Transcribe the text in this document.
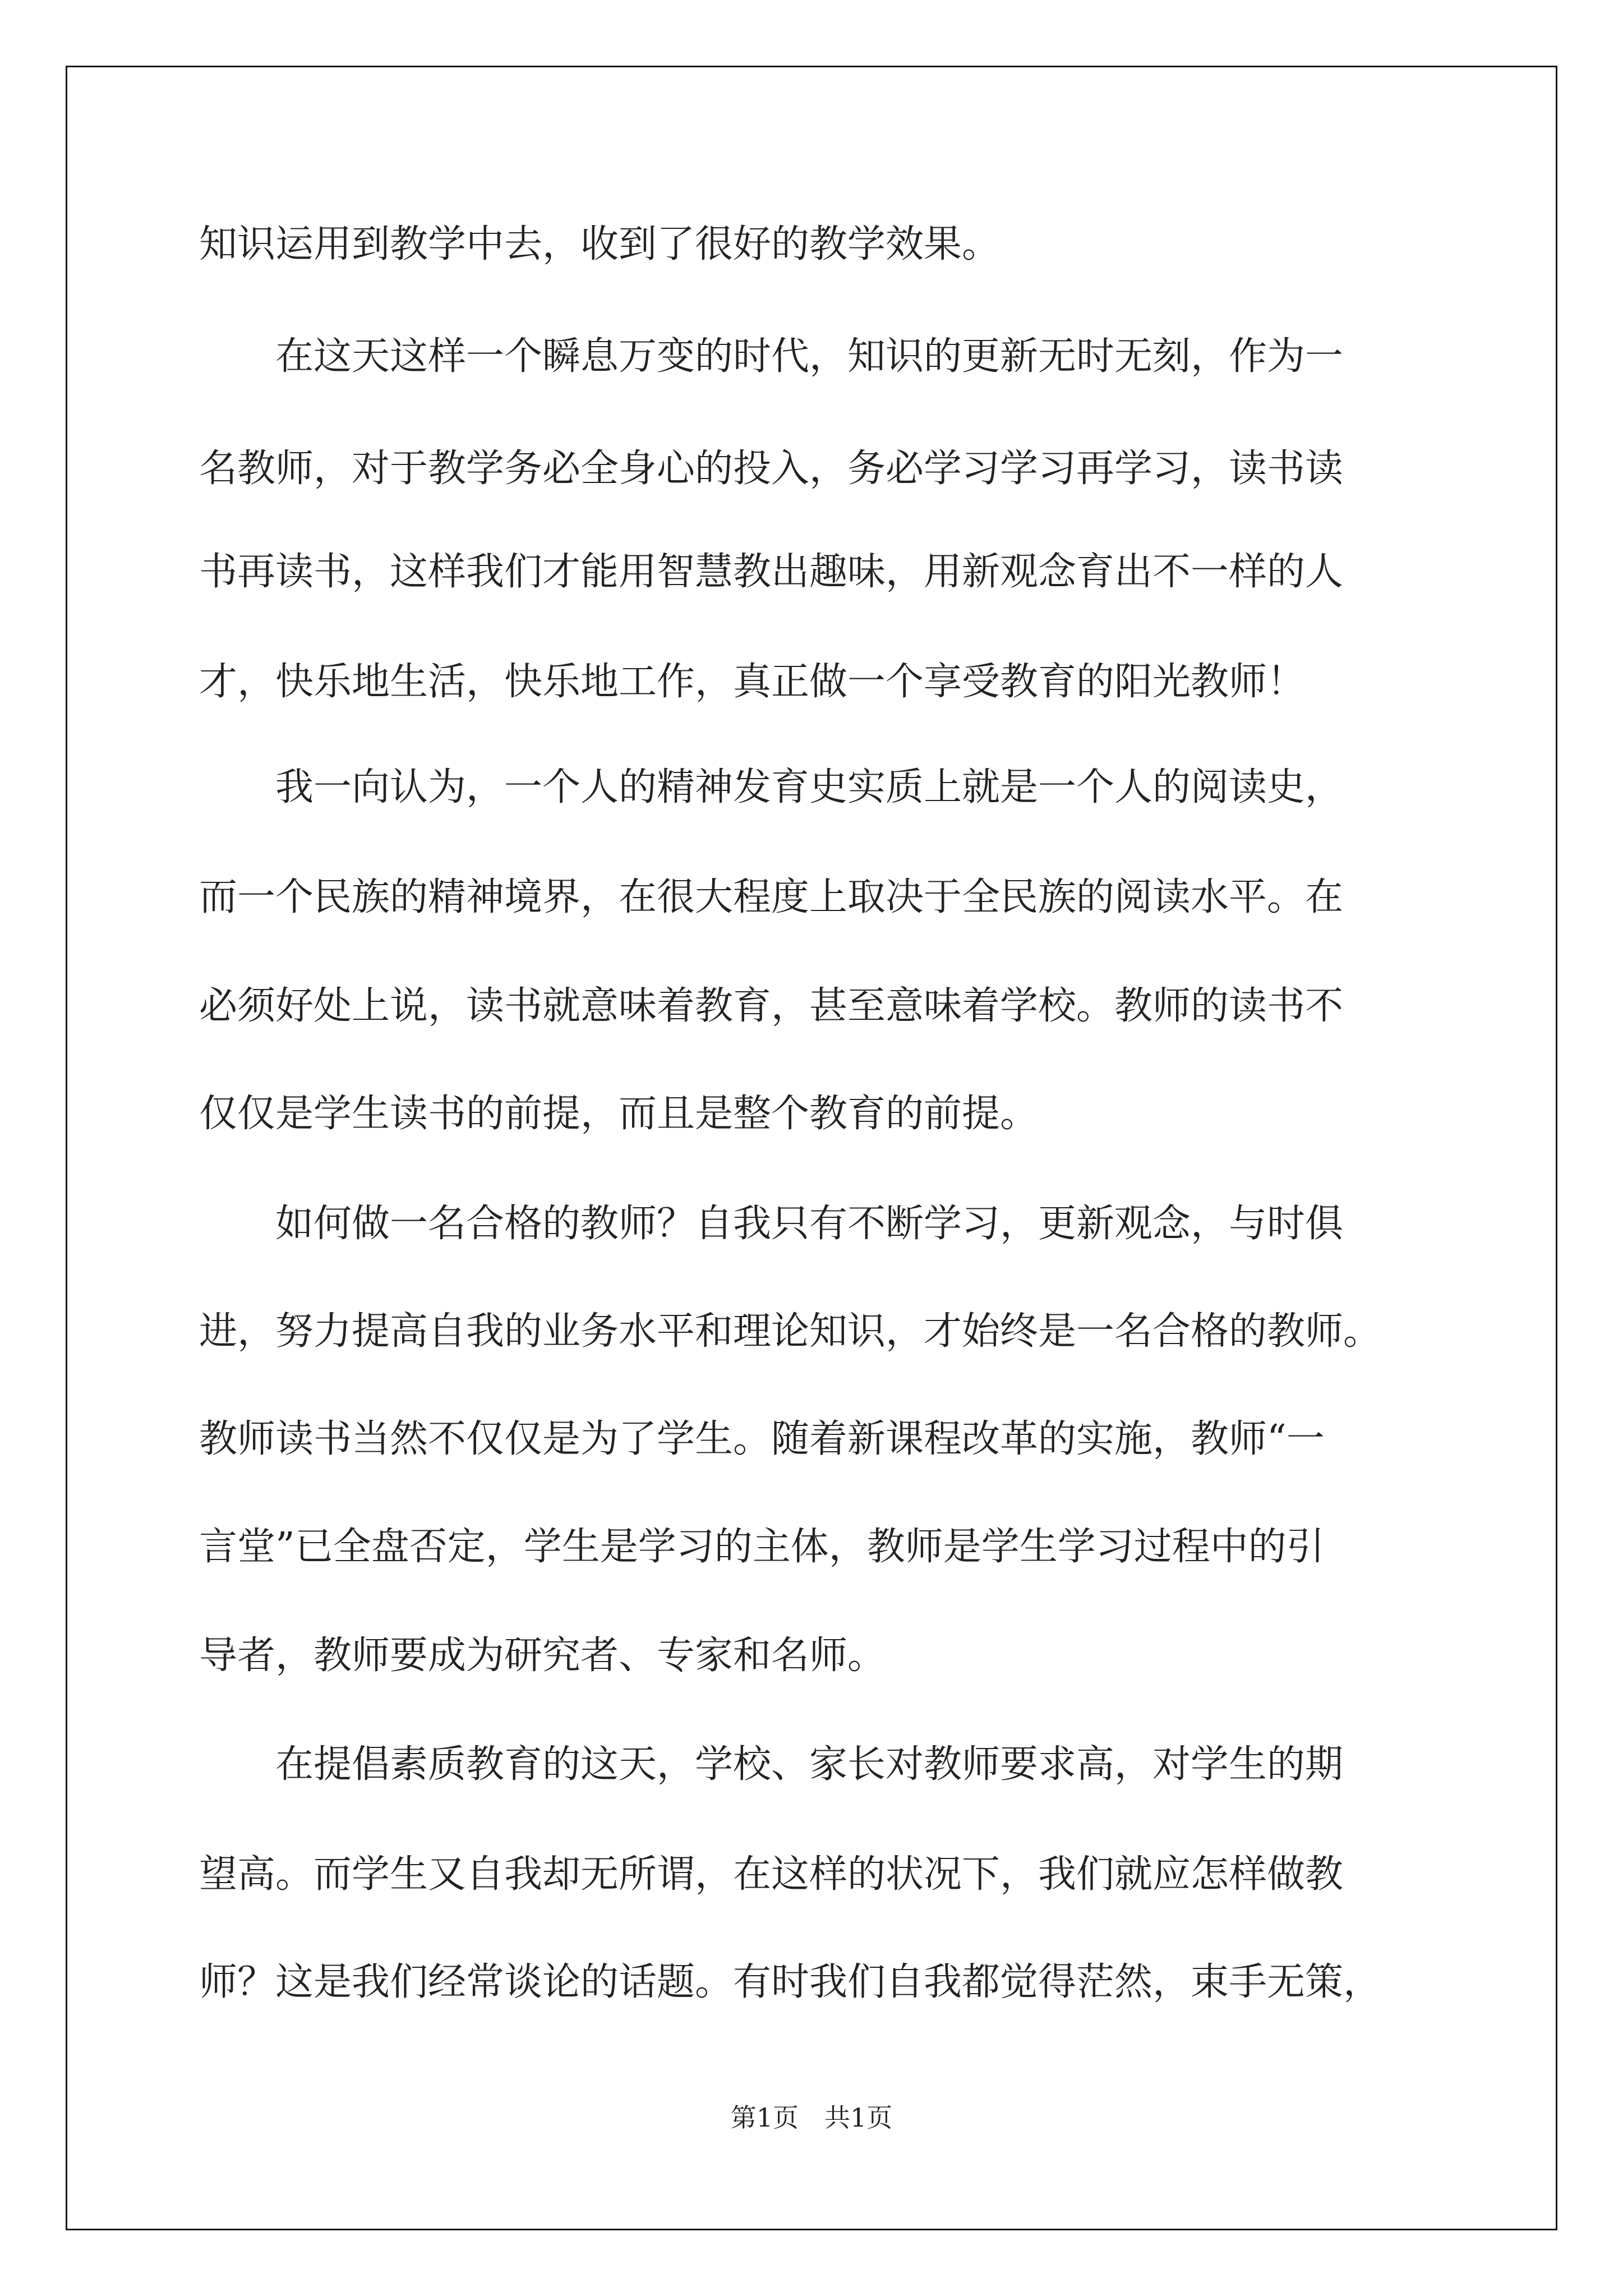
知识运用到教学中去，收到了很好的教学效果。
　　在这天这样一个瞬息万变的时代，知识的更新无时无刻，作为一
名教师，对于教学务必全身心的投入，务必学习学习再学习，读书读
书再读书，这样我们才能用智慧教出趣味，用新观念育出不一样的人
才，快乐地生活，快乐地工作，真正做一个享受教育的阳光教师！
　　我一向认为，一个人的精神发育史实质上就是一个人的阅读史，
而一个民族的精神境界，在很大程度上取决于全民族的阅读水平。在
必须好处上说，读书就意味着教育，甚至意味着学校。教师的读书不
仅仅是学生读书的前提，而且是整个教育的前提。
　　如何做一名合格的教师？自我只有不断学习，更新观念，与时俱
进，努力提高自我的业务水平和理论知识，才始终是一名合格的教师。
教师读书当然不仅仅是为了学生。随着新课程改革的实施，教师“一
言堂”已全盘否定，学生是学习的主体，教师是学生学习过程中的引
导者，教师要成为研究者、专家和名师。
　　在提倡素质教育的这天，学校、家长对教师要求高，对学生的期
望高。而学生又自我却无所谓，在这样的状况下，我们就应怎样做教
师？这是我们经常谈论的话题。有时我们自我都觉得茫然，束手无策，
第1页　共1页
